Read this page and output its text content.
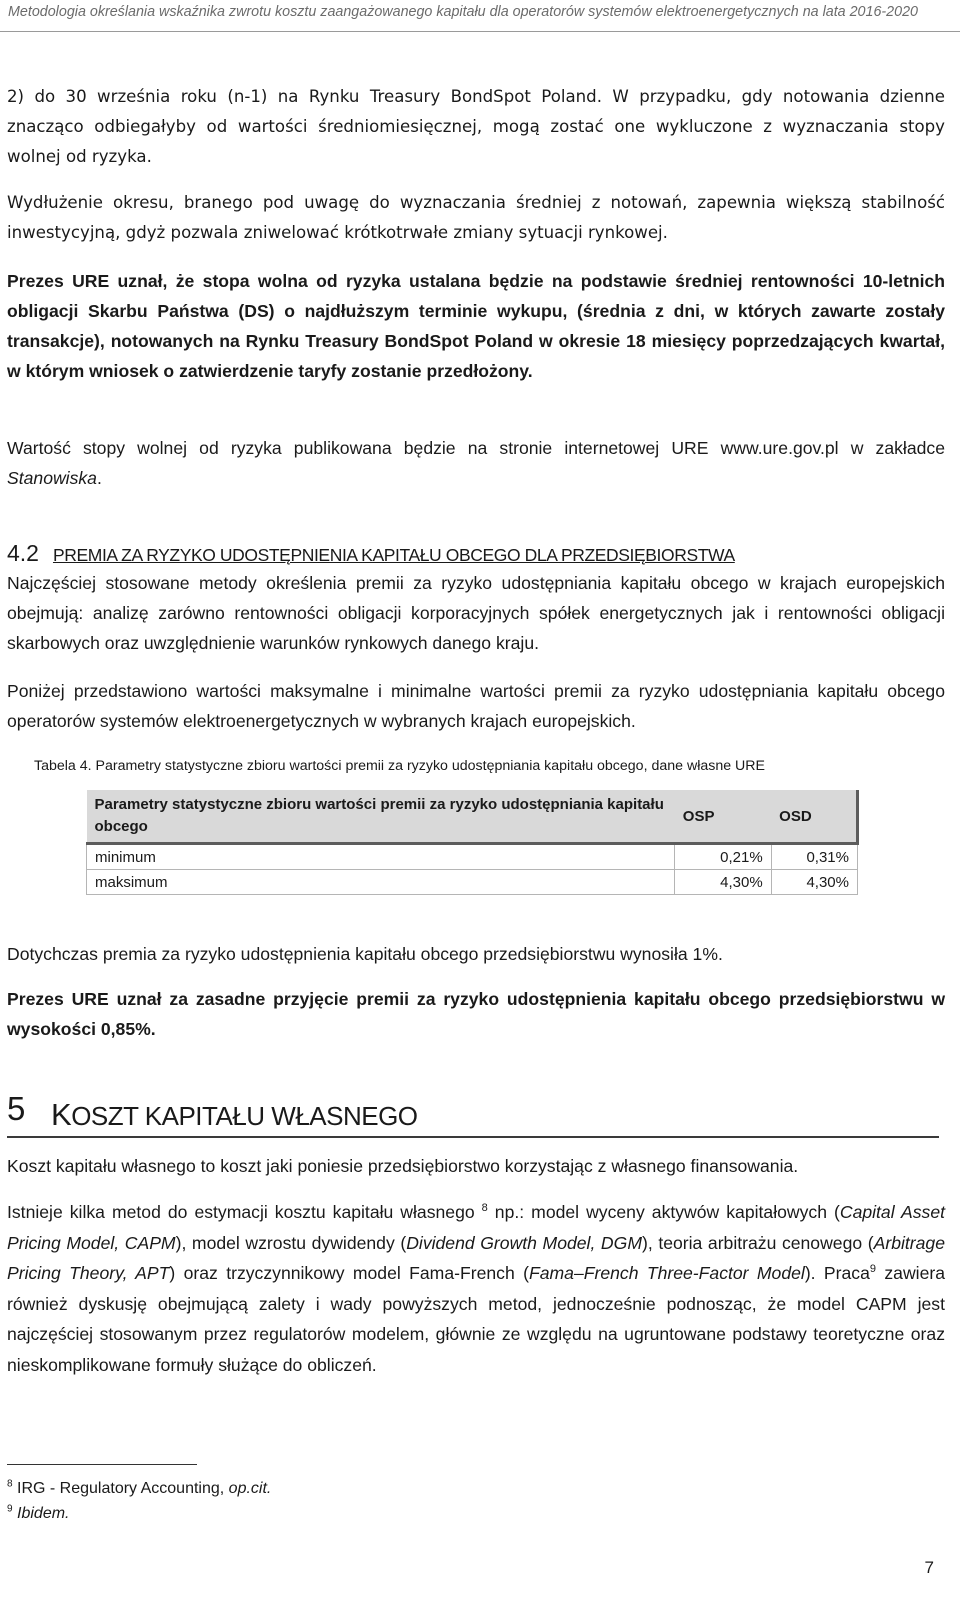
Metodologia określania wskaźnika zwrotu kosztu zaangażowanego kapitału dla operatorów systemów elektroenergetycznych na lata 2016-2020

2) do 30 września roku (n-1) na Rynku Treasury BondSpot Poland. W przypadku, gdy notowania dzienne znacząco odbiegałyby od wartości średniomiesięcznej, mogą zostać one wykluczone z wyznaczania stopy wolnej od ryzyka.

Wydłużenie okresu, branego pod uwagę do wyznaczania średniej z notowań, zapewnia większą stabilność inwestycyjną, gdyż pozwala zniwelować krótkotrwałe zmiany sytuacji rynkowej.

Prezes URE uznał, że stopa wolna od ryzyka ustalana będzie na podstawie średniej rentowności 10-letnich obligacji Skarbu Państwa (DS) o najdłuższym terminie wykupu, (średnia z dni, w których zawarte zostały transakcje), notowanych na Rynku Treasury BondSpot Poland w okresie 18 miesięcy poprzedzających kwartał, w którym wniosek o zatwierdzenie taryfy zostanie przedłożony.

Wartość stopy wolnej od ryzyka publikowana będzie na stronie internetowej URE www.ure.gov.pl w zakładce Stanowiska.

4.2 PREMIA ZA RYZYKO UDOSTĘPNIENIA KAPITAŁU OBCEGO DLA PRZEDSIĘBIORSTWA

Najczęściej stosowane metody określenia premii za ryzyko udostępniania kapitału obcego w krajach europejskich obejmują: analizę zarówno rentowności obligacji korporacyjnych spółek energetycznych jak i rentowności obligacji skarbowych oraz uwzględnienie warunków rynkowych danego kraju.

Poniżej przedstawiono wartości maksymalne i minimalne wartości premii za ryzyko udostępniania kapitału obcego operatorów systemów elektroenergetycznych w wybranych krajach europejskich.

Tabela 4. Parametry statystyczne zbioru wartości premii za ryzyko udostępniania kapitału obcego, dane własne URE
Parametry statystyczne zbioru wartości premii za ryzyko udostępniania kapitału obcego	OSP	OSD
minimum	0,21%	0,31%
maksimum	4,30%	4,30%

Dotychczas premia za ryzyko udostępnienia kapitału obcego przedsiębiorstwu wynosiła 1%.

Prezes URE uznał za zasadne przyjęcie premii za ryzyko udostępnienia kapitału obcego przedsiębiorstwu w wysokości 0,85%.

5 KOSZT KAPITAŁU WŁASNEGO

Koszt kapitału własnego to koszt jaki poniesie przedsiębiorstwo korzystając z własnego finansowania.

Istnieje kilka metod do estymacji kosztu kapitału własnego $^8$ np.: model wyceny aktywów kapitałowych (Capital Asset Pricing Model, CAPM), model wzrostu dywidendy (Dividend Growth Model, DGM), teoria arbitrażu cenowego (Arbitrage Pricing Theory, APT) oraz trzyczynnikowy model Fama-French (Fama–French Three-Factor Model). Praca$^9$ zawiera również dyskusję obejmującą zalety i wady powyższych metod, jednocześnie podnosząc, że model CAPM jest najczęściej stosowanym przez regulatorów modelem, głównie ze względu na ugruntowane podstawy teoretyczne oraz nieskomplikowane formuły służące do obliczeń.

$^8$ IRG - Regulatory Accounting, op.cit.
$^9$ Ibidem.
7
